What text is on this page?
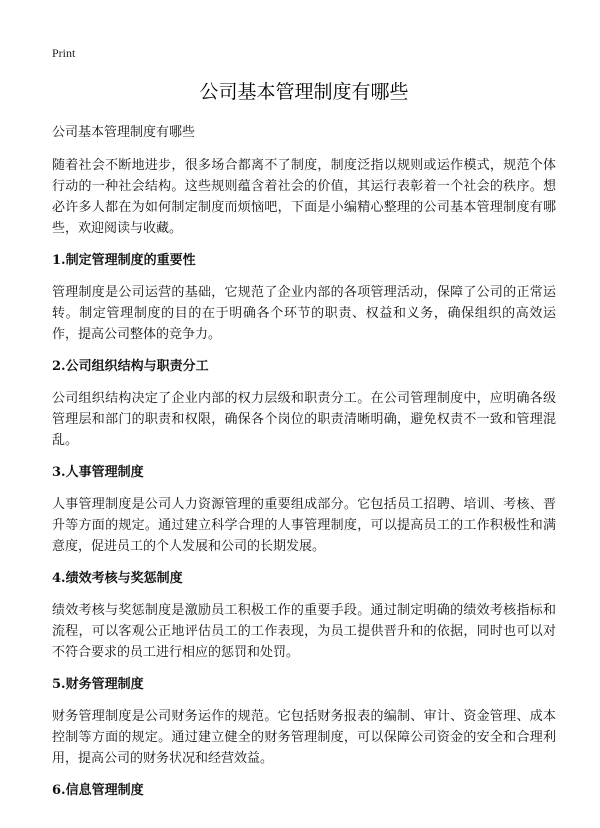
Print
公司基本管理制度有哪些

公司基本管理制度有哪些

随着社会不断地进步，很多场合都离不了制度，制度泛指以规则或运作模式，规范个体行动的一种社会结构。这些规则蕴含着社会的价值，其运行表彰着一个社会的秩序。想必许多人都在为如何制定制度而烦恼吧，下面是小编精心整理的公司基本管理制度有哪些，欢迎阅读与收藏。

1.制定管理制度的重要性

管理制度是公司运营的基础，它规范了企业内部的各项管理活动，保障了公司的正常运转。制定管理制度的目的在于明确各个环节的职责、权益和义务，确保组织的高效运作，提高公司整体的竞争力。

2.公司组织结构与职责分工

公司组织结构决定了企业内部的权力层级和职责分工。在公司管理制度中，应明确各级管理层和部门的职责和权限，确保各个岗位的职责清晰明确，避免权责不一致和管理混乱。

3.人事管理制度

人事管理制度是公司人力资源管理的重要组成部分。它包括员工招聘、培训、考核、晋升等方面的规定。通过建立科学合理的人事管理制度，可以提高员工的工作积极性和满意度，促进员工的个人发展和公司的长期发展。

4.绩效考核与奖惩制度

绩效考核与奖惩制度是激励员工积极工作的重要手段。通过制定明确的绩效考核指标和流程，可以客观公正地评估员工的工作表现，为员工提供晋升和的依据，同时也可以对不符合要求的员工进行相应的惩罚和处罚。

5.财务管理制度

财务管理制度是公司财务运作的规范。它包括财务报表的编制、审计、资金管理、成本控制等方面的规定。通过建立健全的财务管理制度，可以保障公司资金的安全和合理利用，提高公司的财务状况和经营效益。

6.信息管理制度
